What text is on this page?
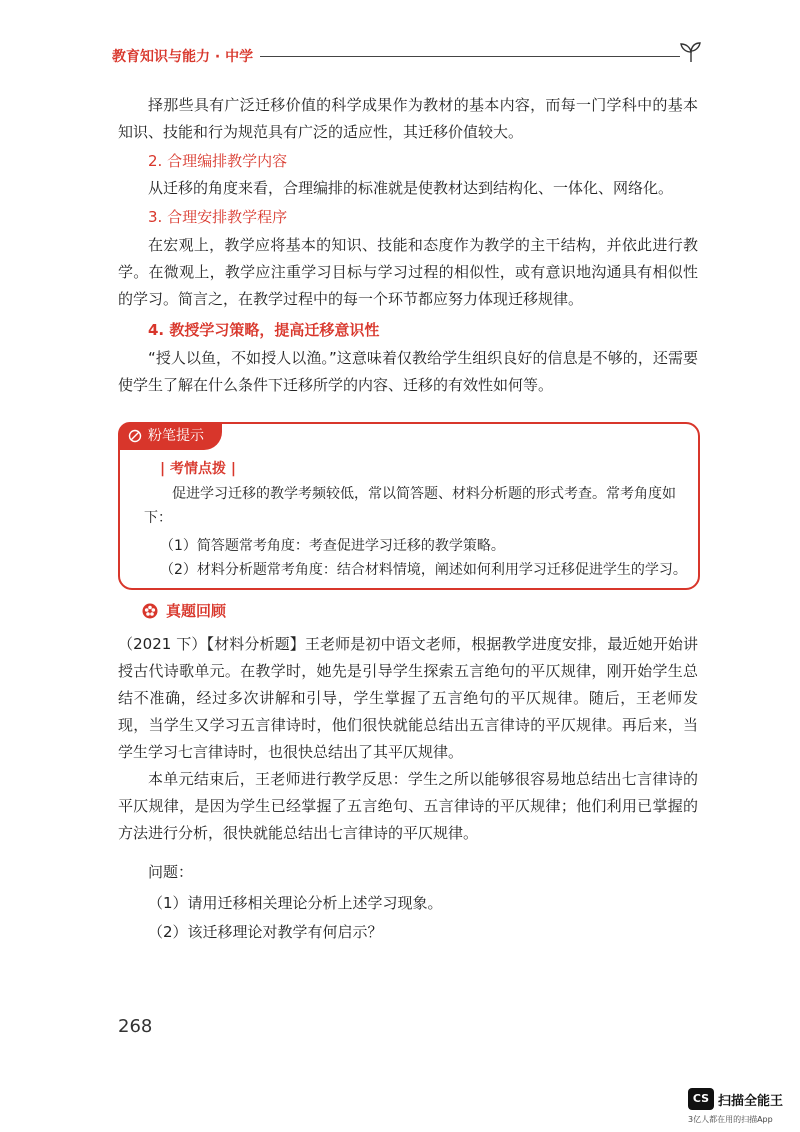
教育知识与能力 · 中学

择那些具有广泛迁移价值的科学成果作为教材的基本内容，而每一门学科中的基本知识、技能和行为规范具有广泛的适应性，其迁移价值较大。

2. 合理编排教学内容

从迁移的角度来看，合理编排的标准就是使教材达到结构化、一体化、网络化。

3. 合理安排教学程序

在宏观上，教学应将基本的知识、技能和态度作为教学的主干结构，并依此进行教学。在微观上，教学应注重学习目标与学习过程的相似性，或有意识地沟通具有相似性的学习。简言之，在教学过程中的每一个环节都应努力体现迁移规律。

4. 教授学习策略，提高迁移意识性

“授人以鱼，不如授人以渔。”这意味着仅教给学生组织良好的信息是不够的，还需要使学生了解在什么条件下迁移所学的内容、迁移的有效性如何等。

粉笔提示
| 考情点拨 |

促进学习迁移的教学考频较低，常以简答题、材料分析题的形式考查。常考角度如下：

（1）简答题常考角度：考查促进学习迁移的教学策略。

（2）材料分析题常考角度：结合材料情境，阐述如何利用学习迁移促进学生的学习。

真题回顾

（2021 下）【材料分析题】王老师是初中语文老师，根据教学进度安排，最近她开始讲授古代诗歌单元。在教学时，她先是引导学生探索五言绝句的平仄规律，刚开始学生总结不准确，经过多次讲解和引导，学生掌握了五言绝句的平仄规律。随后，王老师发现，当学生又学习五言律诗时，他们很快就能总结出五言律诗的平仄规律。再后来，当学生学习七言律诗时，也很快总结出了其平仄规律。

本单元结束后，王老师进行教学反思：学生之所以能够很容易地总结出七言律诗的平仄规律，是因为学生已经掌握了五言绝句、五言律诗的平仄规律；他们利用已掌握的方法进行分析，很快就能总结出七言律诗的平仄规律。

问题：

（1）请用迁移相关理论分析上述学习现象。

（2）该迁移理论对教学有何启示？

268
CS 扫描全能王
3亿人都在用的扫描App
